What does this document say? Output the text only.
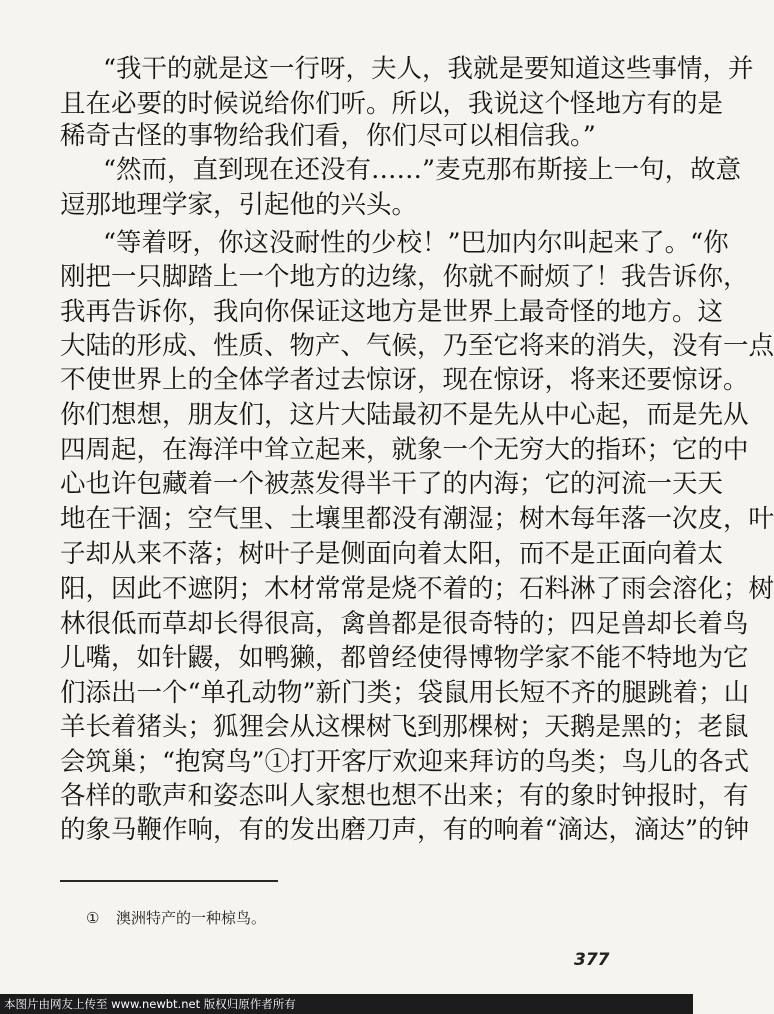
“我干的就是这一行呀，夫人，我就是要知道这些事情，并
且在必要的时候说给你们听。所以，我说这个怪地方有的是
稀奇古怪的事物给我们看，你们尽可以相信我。”
“然而，直到现在还没有……”麦克那布斯接上一句，故意
逗那地理学家，引起他的兴头。
“等着呀，你这没耐性的少校！”巴加内尔叫起来了。“你
刚把一只脚踏上一个地方的边缘，你就不耐烦了！我告诉你，
我再告诉你，我向你保证这地方是世界上最奇怪的地方。这
大陆的形成、性质、物产、气候，乃至它将来的消失，没有一点
不使世界上的全体学者过去惊讶，现在惊讶，将来还要惊讶。
你们想想，朋友们，这片大陆最初不是先从中心起，而是先从
四周起，在海洋中耸立起来，就象一个无穷大的指环；它的中
心也许包藏着一个被蒸发得半干了的内海；它的河流一天天
地在干涸；空气里、土壤里都没有潮湿；树木每年落一次皮，叶
子却从来不落；树叶子是侧面向着太阳，而不是正面向着太
阳，因此不遮阴；木材常常是烧不着的；石料淋了雨会溶化；树
林很低而草却长得很高，禽兽都是很奇特的；四足兽却长着鸟
儿嘴，如针鼹，如鸭獭，都曾经使得博物学家不能不特地为它
们添出一个“单孔动物”新门类；袋鼠用长短不齐的腿跳着；山
羊长着猪头；狐狸会从这棵树飞到那棵树；天鹅是黑的；老鼠
会筑巢；“抱窝鸟”①打开客厅欢迎来拜访的鸟类；鸟儿的各式
各样的歌声和姿态叫人家想也想不出来；有的象时钟报时，有
的象马鞭作响，有的发出磨刀声，有的响着“滴达，滴达”的钟
① 澳洲特产的一种椋鸟。
377
本图片由网友上传至 www.newbt.net 版权归原作者所有
